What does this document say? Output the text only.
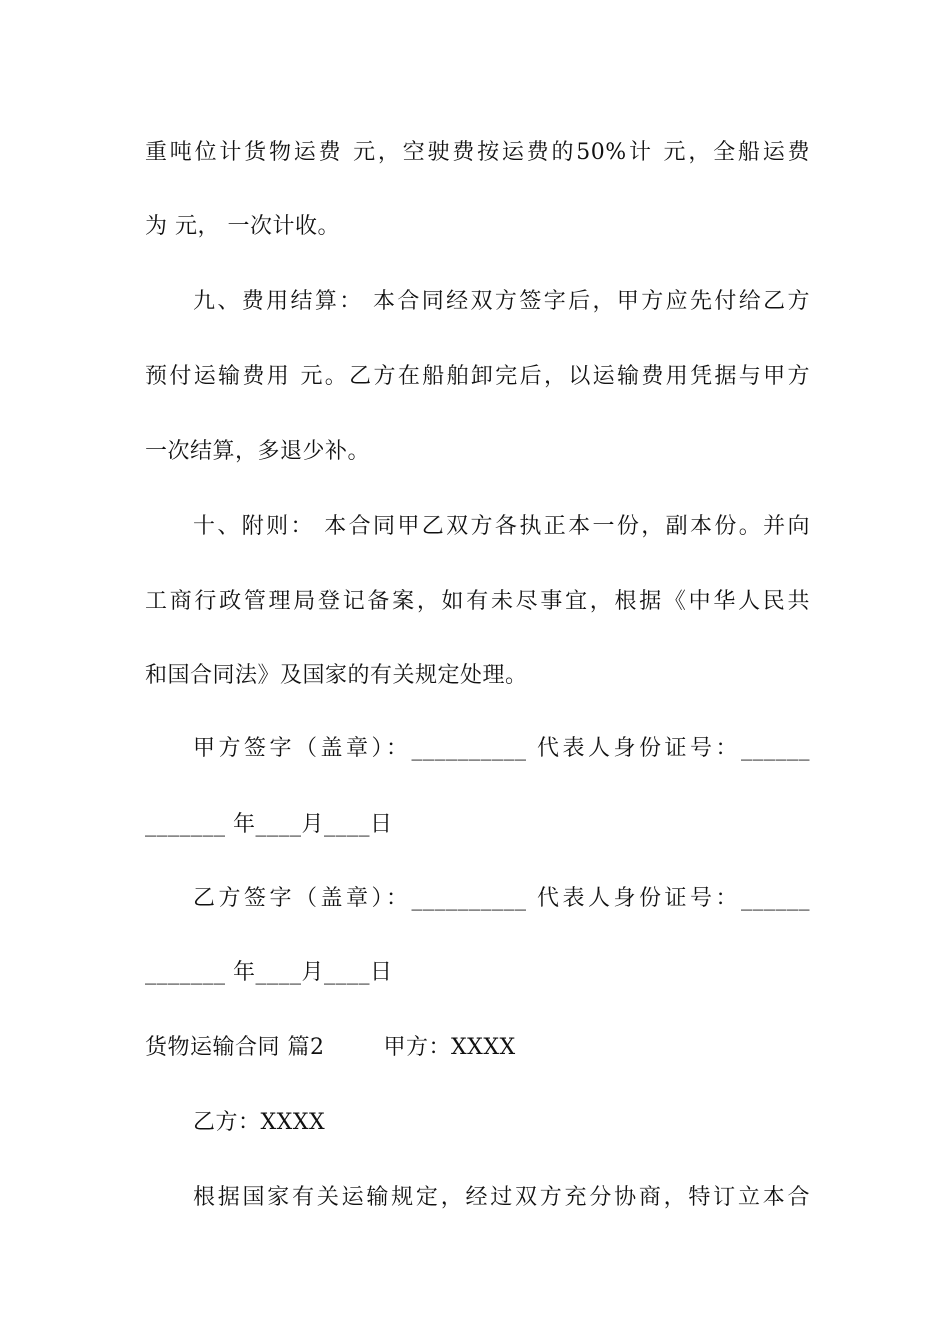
重吨位计货物运费 元，空驶费按运费的50%计 元，全船运费
为 元， 一次计收。
九、费用结算： 本合同经双方签字后，甲方应先付给乙方
预付运输费用 元。乙方在船舶卸完后，以运输费用凭据与甲方
一次结算，多退少补。
十、附则： 本合同甲乙双方各执正本一份，副本份。并向
工商行政管理局登记备案，如有未尽事宜，根据《中华人民共
和国合同法》及国家的有关规定处理。
甲方签字（盖章）：__________ 代表人身份证号：______
_______ 年____月____日
乙方签字（盖章）：__________ 代表人身份证号：______
_______ 年____月____日
货物运输合同 篇2	甲方：XXXX
乙方：XXXX
根据国家有关运输规定，经过双方充分协商，特订立本合
